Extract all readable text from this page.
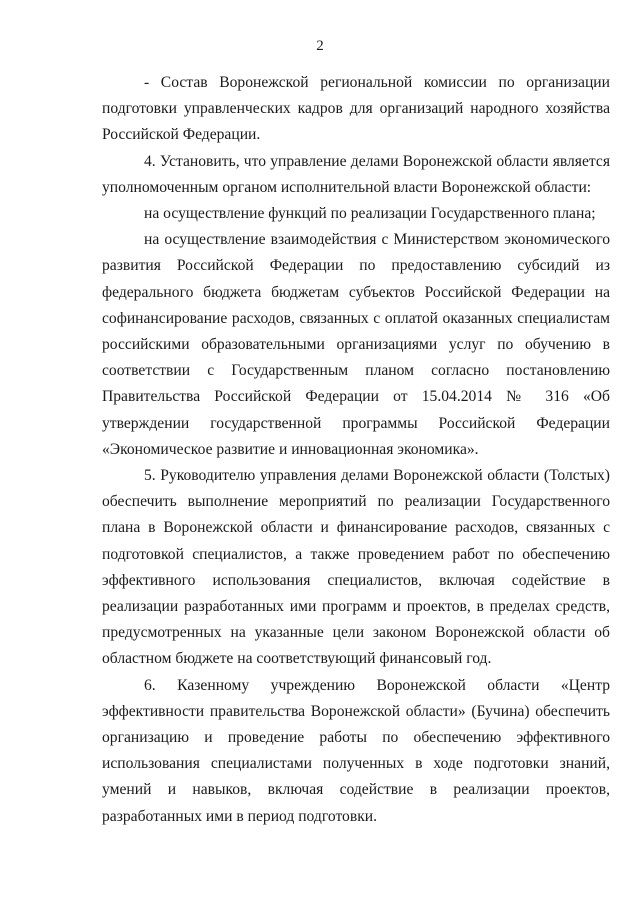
2

- Состав Воронежской региональной комиссии по организации подготовки управленческих кадров для организаций народного хозяйства Российской Федерации.

4. Установить, что управление делами Воронежской области является уполномоченным органом исполнительной власти Воронежской области:

на осуществление функций по реализации Государственного плана;

на осуществление взаимодействия с Министерством экономического развития Российской Федерации по предоставлению субсидий из федерального бюджета бюджетам субъектов Российской Федерации на софинансирование расходов, связанных с оплатой оказанных специалистам российскими образовательными организациями услуг по обучению в соответствии с Государственным планом согласно постановлению Правительства Российской Федерации от 15.04.2014 № 316 «Об утверждении государственной программы Российской Федерации «Экономическое развитие и инновационная экономика».

5. Руководителю управления делами Воронежской области (Толстых) обеспечить выполнение мероприятий по реализации Государственного плана в Воронежской области и финансирование расходов, связанных с подготовкой специалистов, а также проведением работ по обеспечению эффективного использования специалистов, включая содействие в реализации разработанных ими программ и проектов, в пределах средств, предусмотренных на указанные цели законом Воронежской области об областном бюджете на соответствующий финансовый год.

6. Казенному учреждению Воронежской области «Центр эффективности правительства Воронежской области» (Бучина) обеспечить организацию и проведение работы по обеспечению эффективного использования специалистами полученных в ходе подготовки знаний, умений и навыков, включая содействие в реализации проектов, разработанных ими в период подготовки.
